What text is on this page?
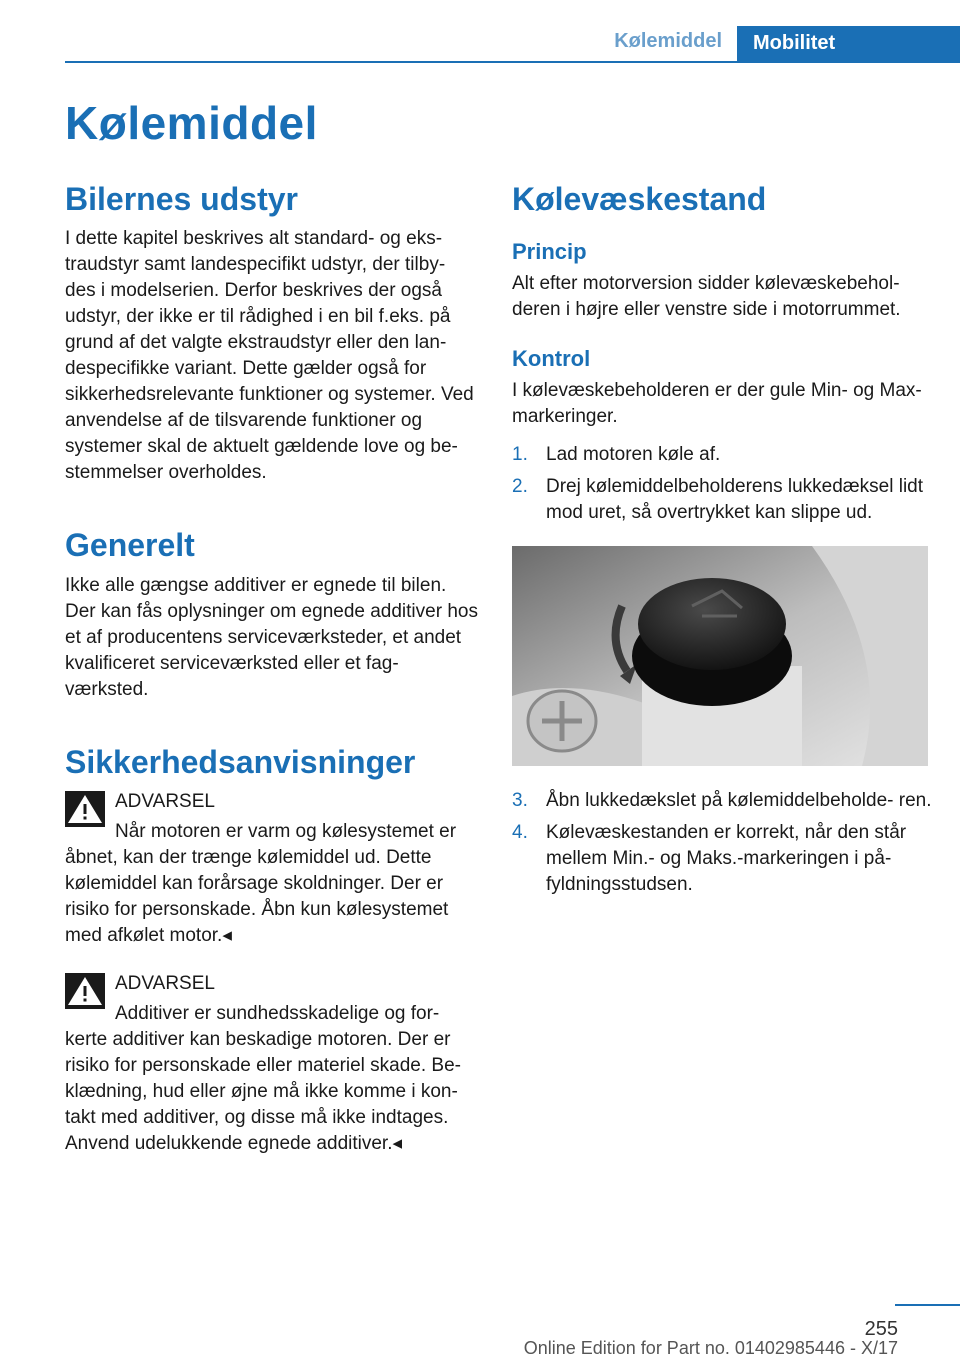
Kølemiddel	Mobilitet
Kølemiddel
Bilernes udstyr

I dette kapitel beskrives alt standard- og eks- traudstyr samt landespecifikt udstyr, der tilby- des i modelserien. Derfor beskrives der også udstyr, der ikke er til rådighed i en bil f.eks. på grund af det valgte ekstraudstyr eller den lan- despecifikke variant. Dette gælder også for sikkerhedsrelevante funktioner og systemer. Ved anvendelse af de tilsvarende funktioner og systemer skal de aktuelt gældende love og be- stemmelser overholdes.

Generelt

Ikke alle gængse additiver er egnede til bilen. Der kan fås oplysninger om egnede additiver hos et af producentens serviceværksteder, et andet kvalificeret serviceværksted eller et fag- værksted.

Sikkerhedsanvisninger
ADVARSEL
Når motoren er varm og kølesystemet er
åbnet, kan der trænge kølemiddel ud. Dette kølemiddel kan forårsage skoldninger. Der er risiko for personskade. Åbn kun kølesystemet med afkølet motor.◂
ADVARSEL
Additiver er sundhedsskadelige og for-
kerte additiver kan beskadige motoren. Der er risiko for personskade eller materiel skade. Be- klædning, hud eller øjne må ikke komme i kon- takt med additiver, og disse må ikke indtages. Anvend udelukkende egnede additiver.◂
Kølevæskestand
Princip

Alt efter motorversion sidder kølevæskebehol- deren i højre eller venstre side i motorrummet.

Kontrol

I kølevæskebeholderen er der gule Min- og Max-markeringer.

1. Lad motoren køle af.
2. Drej kølemiddelbeholderens lukkedæksel lidt mod uret, så overtrykket kan slippe ud.
3. Åbn lukkedækslet på kølemiddelbeholde- ren.
4. Kølevæskestanden er korrekt, når den står mellem Min.- og Maks.-markeringen i på- fyldningsstudsen.
255
Online Edition for Part no. 01402985446 - X/17
